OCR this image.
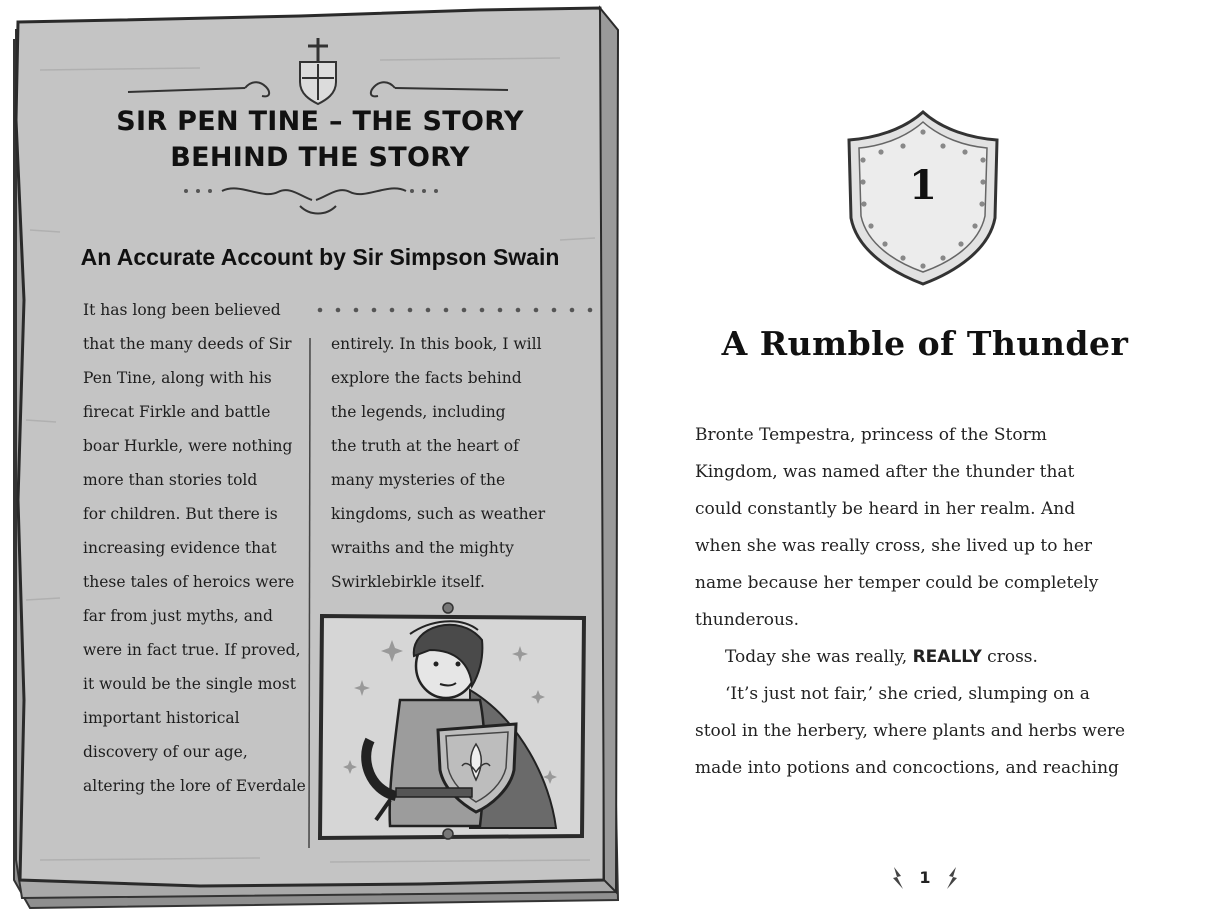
SIR PEN TINE – THE STORY
BEHIND THE STORY
An Accurate Account by Sir Simpson Swain
It has long been believed
that the many deeds of Sir
Pen Tine, along with his
firecat Firkle and battle
boar Hurkle, were nothing
more than stories told
for children. But there is
increasing evidence that
these tales of heroics were
far from just myths, and
were in fact true. If proved,
it would be the single most
important historical
discovery of our age,
altering the lore of Everdale
entirely. In this book, I will
explore the facts behind
the legends, including
the truth at the heart of
many mysteries of the
kingdoms, such as weather
wraiths and the mighty
Swirklebirkle itself.
1
A Rumble of Thunder
Bronte Tempestra, princess of the Storm
Kingdom, was named after the thunder that
could constantly be heard in her realm. And
when she was really cross, she lived up to her
name because her temper could be completely
thunderous.
Today she was really, REALLY cross.
‘It’s just not fair,’ she cried, slumping on a
stool in the herbery, where plants and herbs were
made into potions and concoctions, and reaching
1
